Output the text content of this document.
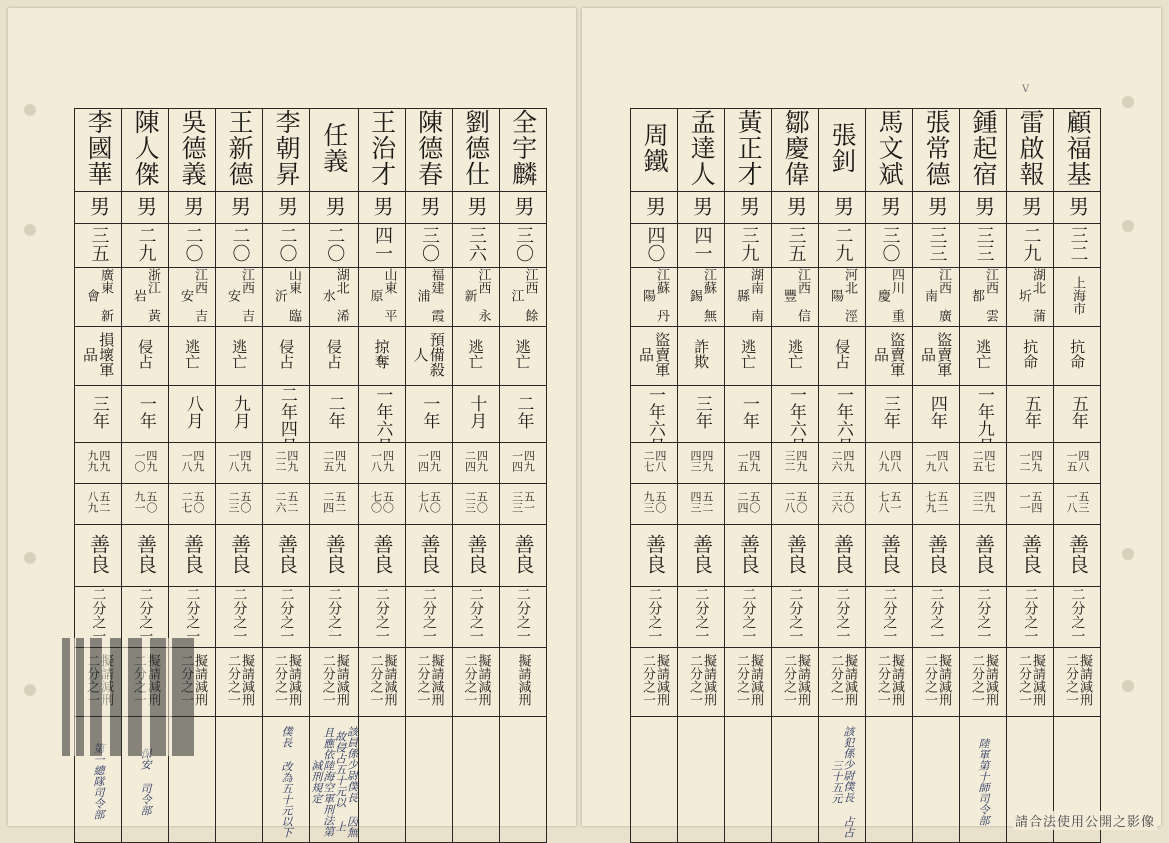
李國華	陳人傑	吳德義	王新德	李朝昇	任義	王治才	陳德春	劉德仕	全宇麟
男	男	男	男	男	男	男	男	男	男
三五	二九	二〇	二〇	二〇	二〇	四一	三〇	三六	三〇
廣東 新會	浙江 黃岩	江西 吉安	江西 吉安	山東 臨沂	湖北 浠水	山東 平原	福建 霞浦	江西 永新	江西 餘江
損壞軍品	侵占	逃亡	逃亡	侵占	侵占	掠奪	預備殺人	逃亡	逃亡
三年	一年	八月	九月	二年四月	二年	一年六月	一年	十月	二年
四九 九九	四九 一〇	四九 一八	四九 一八	四九 二二	四九 二五	四九 一八	四九 一四	四九 二四	四九 一四
五二 八九	五〇 九一	五〇 二七	五〇 二三	五二 二六	五二 二四	五〇 七〇	五〇 七八	五〇 二三	五一 三三
善良	善良	善良	善良	善良	善良	善良	善良	善良	善良
二分之一	二分之一	二分之一	二分之一	二分之一	二分之一	二分之一	二分之一	二分之一	二分之一
		擬請減刑	擬請減刑 二分之一	擬請減刑 二分之一	擬請減刑 二分之一	擬請減刑 二分之一	擬請減刑 二分之一	擬請減刑 二分之一	擬請減刑
第一總隊司令部	保安 司令部			僕長 改為五十元以下	該員係少尉僕長 因無故侵占五十元以 上 且應依陸海空軍刑法第 減刑規定				
V
周鐵	孟達人	黃正才	鄒慶偉	張釗	馬文斌	張常德	鍾起宿	雷啟報	顧福基
男	男	男	男	男	男	男	男	男	男
四〇	四一	三九	三五	二九	三〇	三三	三三	二九	三二
江蘇 丹陽	江蘇 無錫	湖南 南縣	江西 信豐	河北 涇陽	四川 重慶	江西 廣南	江西 雲都	湖北 蒲圻	上海市
盜賣軍品	詐欺	逃亡	逃亡	侵占	盜賣軍品	盜賣軍品	逃亡	抗命	抗命
一年六月	三年	一年	一年六月	一年六月	三年	四年	一年九月	五年	五年
四八 二七	四九 四三	四九 一五	四九 三二	四九 二六	四八 八九	四八 一九	四七 二五	四九 一二	四八 一五
五〇 九三	五二 四三	五〇 二四	五〇 二八	五〇 三六	五一 七八	五二 七九	四九 三二	五四 一一	五三 一八
善良	善良	善良	善良	善良	善良	善良	善良	善良	善良
二分之一	二分之一	二分之一	二分之一	二分之一	二分之一	二分之一	二分之一	二分之一	二分之一
擬請減刑 二分之一	擬請減刑 二分之一	擬請減刑 二分之一	擬請減刑 二分之一	擬請減刑 二分之一	擬請減刑 二分之一	擬請減刑 二分之一	擬請減刑 二分之一	擬請減刑 二分之一	擬請減刑 二分之一
				該犯係少尉僕長 占占 三十五元			陸軍第十師司令部		
請合法使用公開之影像
